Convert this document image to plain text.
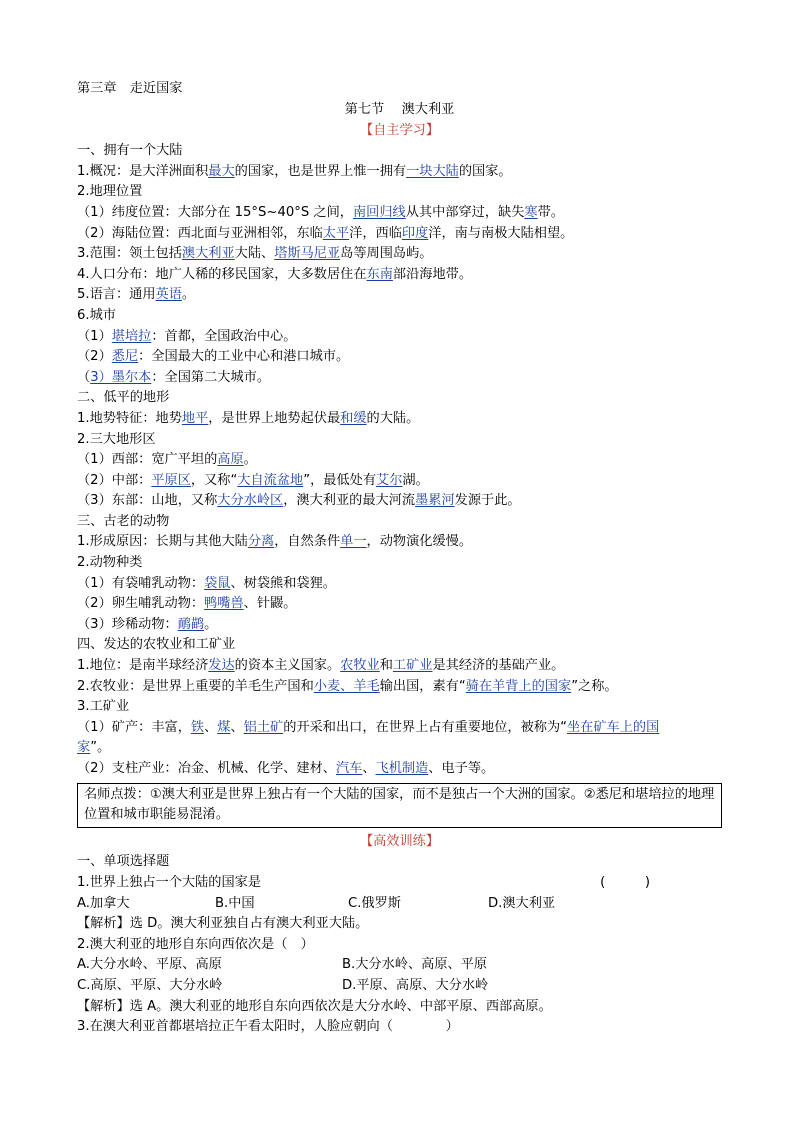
第三章　走近国家
第七节　 澳大利亚
【自主学习】
一、拥有一个大陆
1.概况：是大洋洲面积最大的国家，也是世界上惟一拥有一块大陆的国家。
2.地理位置
（1）纬度位置：大部分在 15°S~40°S 之间，南回归线从其中部穿过，缺失寒带。
（2）海陆位置：西北面与亚洲相邻，东临太平洋，西临印度洋，南与南极大陆相望。
3.范围：领土包括澳大利亚大陆、塔斯马尼亚岛等周围岛屿。
4.人口分布：地广人稀的移民国家，大多数居住在东南部沿海地带。
5.语言：通用英语。
6.城市
（1）堪培拉：首都，全国政治中心。
（2）悉尼：全国最大的工业中心和港口城市。
（3）墨尔本：全国第二大城市。
二、低平的地形
1.地势特征：地势地平，是世界上地势起伏最和缓的大陆。
2.三大地形区
（1）西部：宽广平坦的高原。
（2）中部：平原区，又称“大自流盆地”，最低处有艾尔湖。
（3）东部：山地，又称大分水岭区，澳大利亚的最大河流墨累河发源于此。
三、古老的动物
1.形成原因：长期与其他大陆分离，自然条件单一，动物演化缓慢。
2.动物种类
（1）有袋哺乳动物：袋鼠、树袋熊和袋狸。
（2）卵生哺乳动物：鸭嘴兽、针鼹。
（3）珍稀动物：鸸鹋。
四、发达的农牧业和工矿业
1.地位：是南半球经济发达的资本主义国家。农牧业和工矿业是其经济的基础产业。
2.农牧业：是世界上重要的羊毛生产国和小麦、羊毛输出国，素有“骑在羊背上的国家”之称。
3.工矿业
（1）矿产：丰富，铁、煤、铝土矿的开采和出口，在世界上占有重要地位，被称为“坐在矿车上的国
家”。
（2）支柱产业：冶金、机械、化学、建材、汽车、飞机制造、电子等。
名师点拨：①澳大利亚是世界上独占有一个大陆的国家，而不是独占一个大洲的国家。②悉尼和堪培拉的地理位置和城市职能易混淆。
【高效训练】
一、单项选择题
1.世界上独占一个大陆的国家是	(　　　)
A.加拿大	B.中国	C.俄罗斯	D.澳大利亚
【解析】选 D。澳大利亚独自占有澳大利亚大陆。
2.澳大利亚的地形自东向西依次是（　）
A.大分水岭、平原、高原	B.大分水岭、高原、平原
C.高原、平原、大分水岭	D.平原、高原、大分水岭
【解析】选 A。澳大利亚的地形自东向西依次是大分水岭、中部平原、西部高原。
3.在澳大利亚首都堪培拉正午看太阳时，人脸应朝向（　　　　）
